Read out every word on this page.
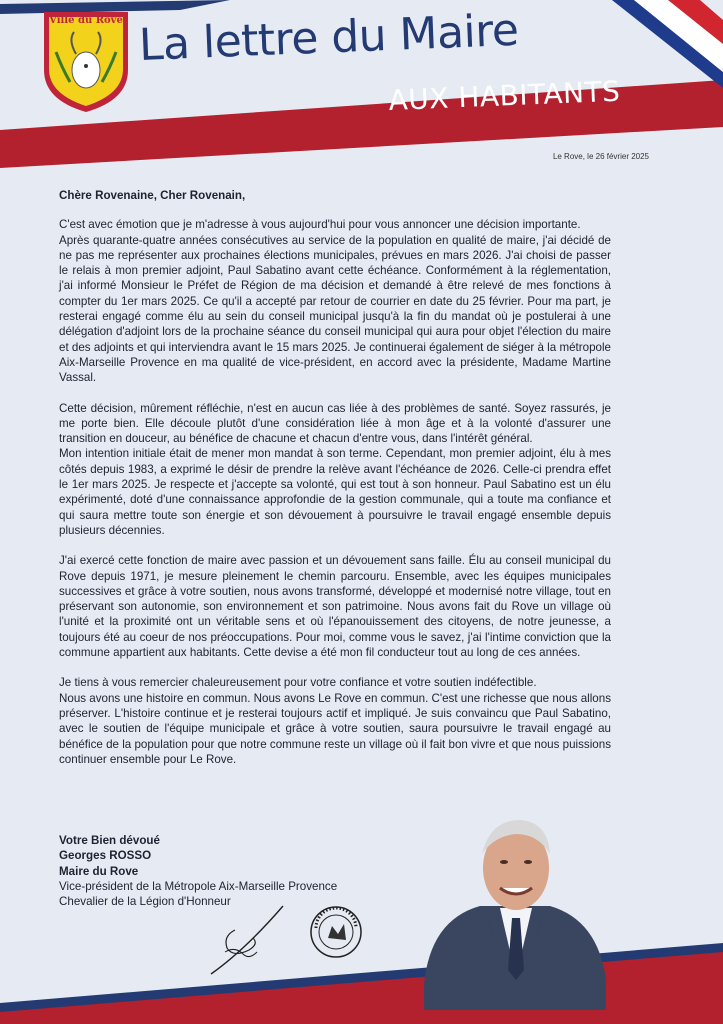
Ville du Rove La lettre du Maire
AUX HABITANTS
Le Rove, le 26 février 2025

Chère Rovenaine, Cher Rovenain,

C'est avec émotion que je m'adresse à vous aujourd'hui pour vous annoncer une décision importante.

Après quarante-quatre années consécutives au service de la population en qualité de maire, j'ai décidé de ne pas me représenter aux prochaines élections municipales, prévues en mars 2026. J'ai choisi de passer le relais à mon premier adjoint, Paul Sabatino avant cette échéance. Conformément à la réglementation, j'ai informé Monsieur le Préfet de Région de ma décision et demandé à être relevé de mes fonctions à compter du 1er mars 2025. Ce qu'il a accepté par retour de courrier en date du 25 février. Pour ma part, je resterai engagé comme élu au sein du conseil municipal jusqu'à la fin du mandat où je postulerai à une délégation d'adjoint lors de la prochaine séance du conseil municipal qui aura pour objet l'élection du maire et des adjoints et qui interviendra avant le 15 mars 2025. Je continuerai également de siéger à la métropole Aix-Marseille Provence en ma qualité de vice-président, en accord avec la présidente, Madame Martine Vassal.

Cette décision, mûrement réfléchie, n'est en aucun cas liée à des problèmes de santé. Soyez rassurés, je me porte bien. Elle découle plutôt d'une considération liée à mon âge et à la volonté d'assurer une transition en douceur, au bénéfice de chacune et chacun d'entre vous, dans l'intérêt général.

Mon intention initiale était de mener mon mandat à son terme. Cependant, mon premier adjoint, élu à mes côtés depuis 1983, a exprimé le désir de prendre la relève avant l'échéance de 2026. Celle-ci prendra effet le 1er mars 2025. Je respecte et j'accepte sa volonté, qui est tout à son honneur. Paul Sabatino est un élu expérimenté, doté d'une connaissance approfondie de la gestion communale, qui a toute ma confiance et qui saura mettre toute son énergie et son dévouement à poursuivre le travail engagé ensemble depuis plusieurs décennies.

J'ai exercé cette fonction de maire avec passion et un dévouement sans faille. Élu au conseil municipal du Rove depuis 1971, je mesure pleinement le chemin parcouru. Ensemble, avec les équipes municipales successives et grâce à votre soutien, nous avons transformé, développé et modernisé notre village, tout en préservant son autonomie, son environnement et son patrimoine. Nous avons fait du Rove un village où l'unité et la proximité ont un véritable sens et où l'épanouissement des citoyens, de notre jeunesse, a toujours été au coeur de nos préoccupations. Pour moi, comme vous le savez, j'ai l'intime conviction que la commune appartient aux habitants. Cette devise a été mon fil conducteur tout au long de ces années.

Je tiens à vous remercier chaleureusement pour votre confiance et votre soutien indéfectible.

Nous avons une histoire en commun. Nous avons Le Rove en commun. C'est une richesse que nous allons préserver. L'histoire continue et je resterai toujours actif et impliqué. Je suis convaincu que Paul Sabatino, avec le soutien de l'équipe municipale et grâce à votre soutien, saura poursuivre le travail engagé au bénéfice de la population pour que notre commune reste un village où il fait bon vivre et que nous puissions continuer ensemble pour Le Rove.

Votre Bien dévoué
Georges ROSSO
Maire du Rove
Vice-président de la Métropole Aix-Marseille Provence
Chevalier de la Légion d'Honneur
